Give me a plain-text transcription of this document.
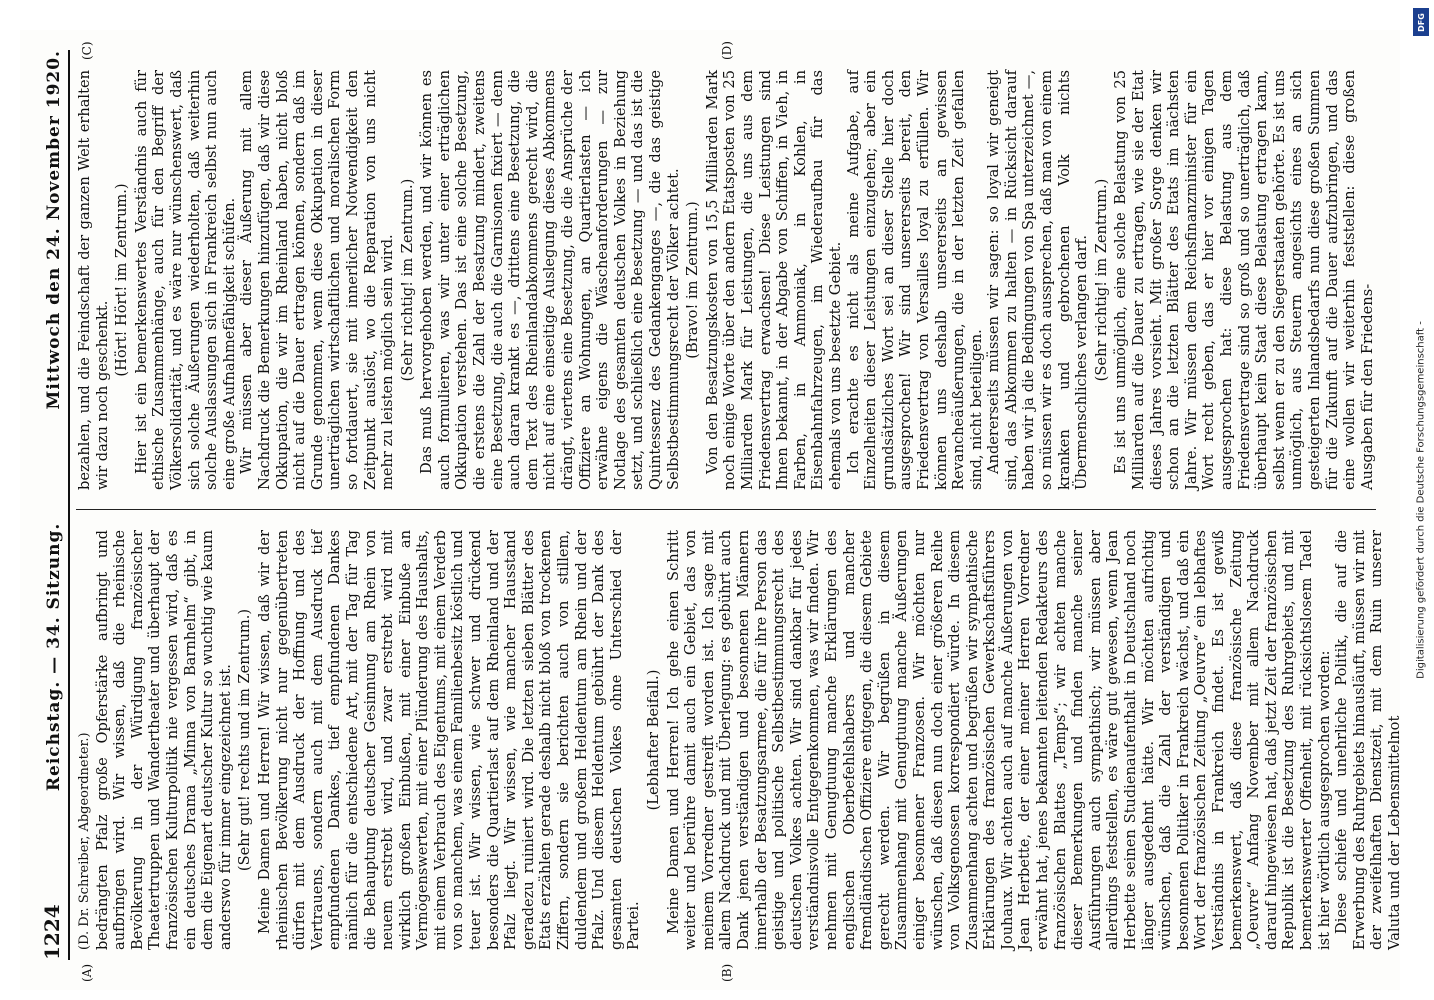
1224
Reichstag. — 34. Sitzung.
Mittwoch den 24. November 1920.
(A)	(B)
(C)	(D)

(D. Dr. Schreiber, Abgeordneter.) bedrängten Pfalz große Opferstärke aufbringt und aufbringen wird. Wir wissen, daß die rheinische Bevölkerung in der Würdigung französischer Theatertruppen und Wandertheater und überhaupt der französischen Kulturpolitik nie vergessen wird, daß es ein deutsches Drama „Minna von Barnhelm“ gibt, in dem die Eigenart deutscher Kultur so wuchtig wie kaum anderswo für immer eingezeichnet ist. (Sehr gut! rechts und im Zentrum.) Meine Damen und Herren! Wir wissen, daß wir der rheinischen Bevölkerung nicht nur gegenübertreten dürfen mit dem Ausdruck der Hoffnung und des Vertrauens, sondern auch mit dem Ausdruck tief empfundenen Dankes, tief empfundenen Dankes nämlich für die entschiedene Art, mit der Tag für Tag die Behauptung deutscher Gesinnung am Rhein von neuem erstrebt wird, und zwar erstrebt wird mit wirklich großen Einbußen, mit einer Einbuße an Vermögenswerten, mit einer Plünderung des Haushalts, mit einem Verbrauch des Eigentums, mit einem Verderb von so manchem, was einem Familienbesitz köstlich und teuer ist. Wir wissen, wie schwer und drückend besonders die Quartierlast auf dem Rheinland und der Pfalz liegt. Wir wissen, wie mancher Hausstand geradezu ruiniert wird. Die letzten sieben Blätter des Etats erzählen gerade deshalb nicht bloß von trockenen Ziffern, sondern sie berichten auch von stillem, duldendem und großem Heldentum am Rhein und der Pfalz. Und diesem Heldentum gebührt der Dank des gesamten deutschen Volkes ohne Unterschied der Partei.

(Lebhafter Beifall.) Meine Damen und Herren! Ich gehe einen Schritt weiter und berühre damit auch ein Gebiet, das von meinem Vorredner gestreift worden ist. Ich sage mit allem Nachdruck und mit Überlegung: es gebührt auch Dank jenen verständigen und besonnenen Männern innerhalb der Besatzungsarmee, die für ihre Person das geistige und politische Selbstbestimmungsrecht des deutschen Volkes achten. Wir sind dankbar für jedes verständnisvolle Entgegenkommen, was wir finden. Wir nehmen mit Genugtuung manche Erklärungen des englischen Oberbefehlshabers und mancher fremdländischen Offiziere entgegen, die diesem Gebiete gerecht werden. Wir begrüßen in diesem Zusammenhang mit Genugtuung manche Äußerungen einiger besonnener Franzosen. Wir möchten nur wünschen, daß diesen nun doch einer größeren Reihe von Volksgenossen korrespondiert würde. In diesem Zusammenhang achten und begrüßen wir sympathische Erklärungen des französischen Gewerkschaftsführers Jouhaux. Wir achten auch auf manche Äußerungen von Jean Herbette, der einer meiner Herren Vorredner erwähnt hat, jenes bekannten leitenden Redakteurs des französischen Blattes „Temps“; wir achten manche dieser Bemerkungen und finden manche seiner Ausführungen auch sympathisch; wir müssen aber allerdings feststellen, es wäre gut gewesen, wenn Jean Herbette seinen Studienaufenthalt in Deutschland noch länger ausgedehnt hätte. Wir möchten aufrichtig wünschen, daß die Zahl der verständigen und besonnenen Politiker in Frankreich wächst, und daß ein Wort der französischen Zeitung „Oeuvre“ ein lebhaftes Verständnis in Frankreich findet. Es ist gewiß bemerkenswert, daß diese französische Zeitung „Oeuvre“ Anfang November mit allem Nachdruck darauf hingewiesen hat, daß jetzt Zeit der französischen Republik ist die Besetzung des Ruhrgebiets, und mit bemerkenswerter Offenheit, mit rücksichtslosem Tadel ist hier wörtlich ausgesprochen worden: Diese schiefe und unehrliche Politik, die auf die Erwerbung des Ruhrgebiets hinausläuft, müssen wir mit der zweifelhaften Dienstzeit, mit dem Ruin unserer Valuta und der Lebensmittelnot

bezahlen, und die Feindschaft der ganzen Welt erhalten wir dazu noch geschenkt.

(Hört! Hört! im Zentrum.) Hier ist ein bemerkenswertes Verständnis auch für ethische Zusammenhänge, auch für den Begriff der Völkersolidarität, und es wäre nur wünschenswert, daß sich solche Äußerungen wiederholten, daß weiterhin solche Auslassungen sich in Frankreich selbst nun auch eine große Aufnahmefähigkeit schüfen. Wir müssen aber dieser Äußerung mit allem Nachdruck die Bemerkungen hinzufügen, daß wir diese Okkupation, die wir im Rheinland haben, nicht bloß nicht auf die Dauer ertragen können, sondern daß im Grunde genommen, wenn diese Okkupation in dieser unerträglichen wirtschaftlichen und moralischen Form so fortdauert, sie mit innerlicher Notwendigkeit den Zeitpunkt auslöst, wo die Reparation von uns nicht mehr zu leisten möglich sein wird. (Sehr richtig! im Zentrum.) Das muß hervorgehoben werden, und wir können es auch formulieren, was wir unter einer erträglichen Okkupation verstehen. Das ist eine solche Besetzung, die erstens die Zahl der Besatzung mindert, zweitens eine Besetzung, die auch die Garnisonen fixiert — denn auch daran krankt es —, drittens eine Besetzung, die dem Text des Rheinlandabkommens gerecht wird, die nicht auf eine einseitige Auslegung dieses Abkommens drängt, viertens eine Besetzung, die die Ansprüche der Offiziere an Wohnungen, an Quartierlasten — ich erwähne eigens die Wäscheanforderungen — zur Notlage des gesamten deutschen Volkes in Beziehung setzt, und schließlich eine Besetzung — und das ist die Quintessenz des Gedankenganges —, die das geistige Selbstbestimmungsrecht der Völker achtet. (Bravo! im Zentrum.) Von den Besatzungskosten von 15,5 Milliarden Mark noch einige Worte über den andern Etatsposten von 25 Milliarden Mark für Leistungen, die uns aus dem Friedensvertrag erwachsen! Diese Leistungen sind Ihnen bekannt, in der Abgabe von Schiffen, in Vieh, in Farben, in Ammoniak, in Kohlen, in Eisenbahnfahrzeugen, im Wiederaufbau für das ehemals von uns besetzte Gebiet. Ich erachte es nicht als meine Aufgabe, auf Einzelheiten dieser Leistungen einzugehen; aber ein grundsätzliches Wort sei an dieser Stelle hier doch ausgesprochen! Wir sind unsererseits bereit, den Friedensvertrag von Versailles loyal zu erfüllen. Wir können uns deshalb unsererseits an gewissen Revancheäußerungen, die in der letzten Zeit gefallen sind, nicht beteiligen. Andererseits müssen wir sagen: so loyal wir geneigt sind, das Abkommen zu halten — in Rücksicht darauf haben wir ja die Bedingungen von Spa unterzeichnet —, so müssen wir es doch aussprechen, daß man von einem kranken und gebrochenen Volk nichts Übermenschliches verlangen darf. (Sehr richtig! im Zentrum.) Es ist uns unmöglich, eine solche Belastung von 25 Milliarden auf die Dauer zu ertragen, wie sie der Etat dieses Jahres vorsieht. Mit großer Sorge denken wir schon an die letzten Blätter des Etats im nächsten Jahre. Wir müssen dem Reichsfinanzminister für ein Wort recht geben, das er hier vor einigen Tagen ausgesprochen hat: diese Belastung aus dem Friedensvertrage sind so groß und so unerträglich, daß überhaupt kein Staat diese Belastung ertragen kann, selbst wenn er zu den Siegerstaaten gehörte. Es ist uns unmöglich, aus Steuern angesichts eines an sich gesteigerten Inlandsbedarfs nun diese großen Summen für die Zukunft auf die Dauer aufzubringen, und das eine wollen wir weiterhin feststellen: diese großen Ausgaben für den Friedens-

DFG
Digitalisierung gefördert durch die Deutsche Forschungsgemeinschaft -
